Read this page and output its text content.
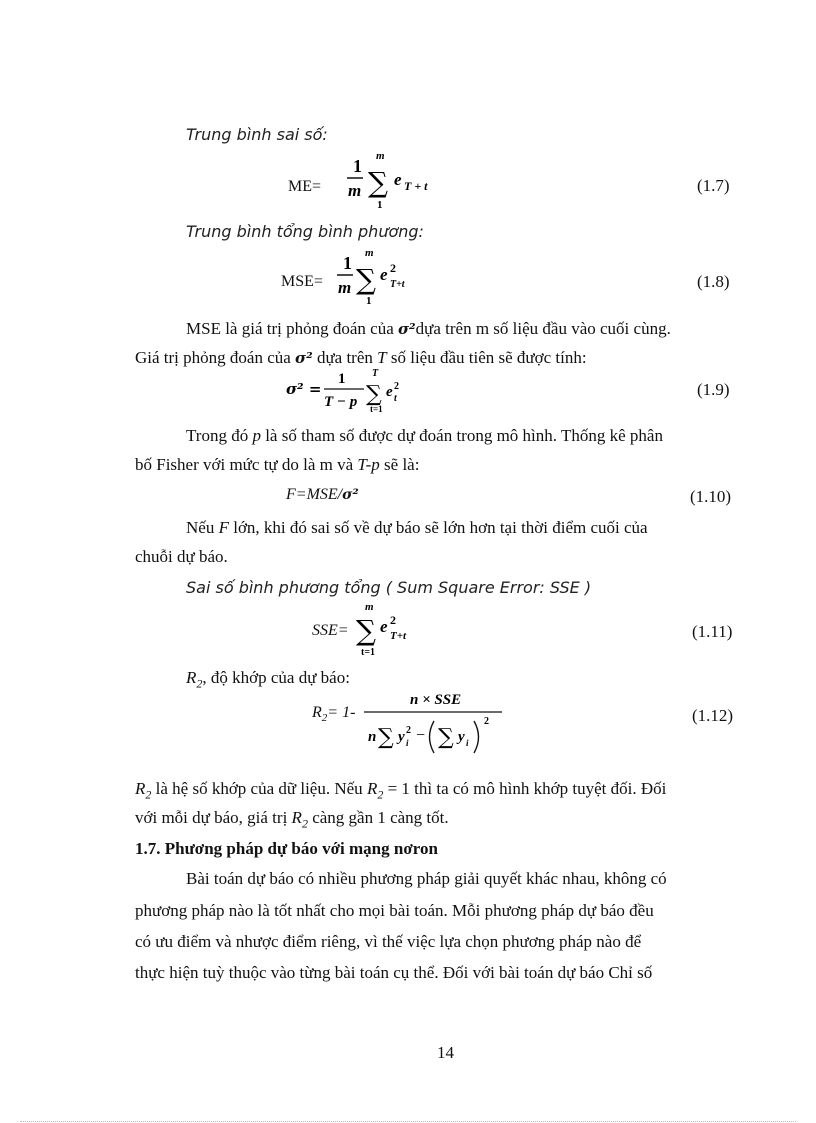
Trung bình sai số:
ME=
1
m ∑
m
1
e T + t	(1.7)
Trung bình tổng bình phương:
MSE=
1
m ∑
m
1
e 2
T+t	(1.8)
MSE là giá trị phỏng đoán của σ²dựa trên m số liệu đầu vào cuối cùng.
Giá trị phỏng đoán của σ² dựa trên T số liệu đầu tiên sẽ được tính:
σ² =
1
T − p ∑
T
t=1
e 2
t	(1.9)
Trong đó p là số tham số được dự đoán trong mô hình. Thống kê phân
bố Fisher với mức tự do là m và T-p sẽ là:
F=MSE/σ²	(1.10)
Nếu F lớn, khi đó sai số về dự báo sẽ lớn hơn tại thời điểm cuối của
chuỗi dự báo.
Sai số bình phương tổng ( Sum Square Error: SSE )
SSE= ∑
m
t=1
e 2
T+t	(1.11)
$R_2$, độ khớp của dự báo:
$R_2= 1-$
n × SSE
n ∑ y 2
i − ∑ y i
2	(1.12)
$R_2$ là hệ số khớp của dữ liệu. Nếu $R_2 = 1$ thì ta có mô hình khớp tuyệt đối. Đối
với mỗi dự báo, giá trị $R_2$ càng gần 1 càng tốt.
1.7. Phương pháp dự báo với mạng nơron
Bài toán dự báo có nhiều phương pháp giải quyết khác nhau, không có
phương pháp nào là tốt nhất cho mọi bài toán. Mỗi phương pháp dự báo đều
có ưu điểm và nhược điểm riêng, vì thế việc lựa chọn phương pháp nào để
thực hiện tuỳ thuộc vào từng bài toán cụ thể. Đối với bài toán dự báo Chỉ số
14
